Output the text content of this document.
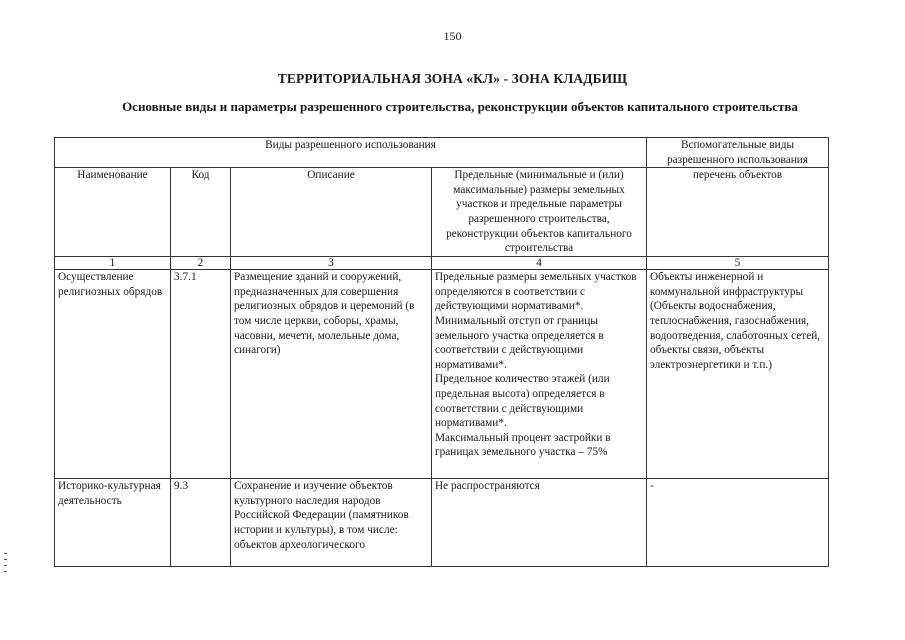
150
ТЕРРИТОРИАЛЬНАЯ ЗОНА «КЛ» - ЗОНА КЛАДБИЩ
Основные виды и параметры разрешенного строительства, реконструкции объектов капитального строительства
Виды разрешенного использования				Вспомогательные виды разрешенного использования
Наименование	Код	Описание	Предельные (минимальные и (или) максимальные) размеры земельных участков и предельные параметры разрешенного строительства, реконструкции объектов капитального строительства	перечень объектов
1	2	3	4	5
Осуществление религиозных обрядов	3.7.1	Размещение зданий и сооружений, предназначенных для совершения религиозных обрядов и церемоний (в том числе церкви, соборы, храмы, часовни, мечети, молельные дома, синагоги)	Предельные размеры земельных участков определяются в соответствии с действующими нормативами*.
Минимальный отступ от границы земельного участка определяется в соответствии с действующими нормативами*.
Предельное количество этажей (или предельная высота) определяется в соответствии с действующими нормативами*.
Максимальный процент застройки в границах земельного участка – 75%	Объекты инженерной и коммунальной инфраструктуры (Объекты водоснабжения, теплоснабжения, газоснабжения, водоотведения, слаботочных сетей, объекты связи, объекты электроэнергетики и т.п.)
Историко-культурная деятельность	9.3	Сохранение и изучение объектов культурного наследия народов Российской Федерации (памятников истории и культуры), в том числе: объектов археологического	Не распространяются	-
